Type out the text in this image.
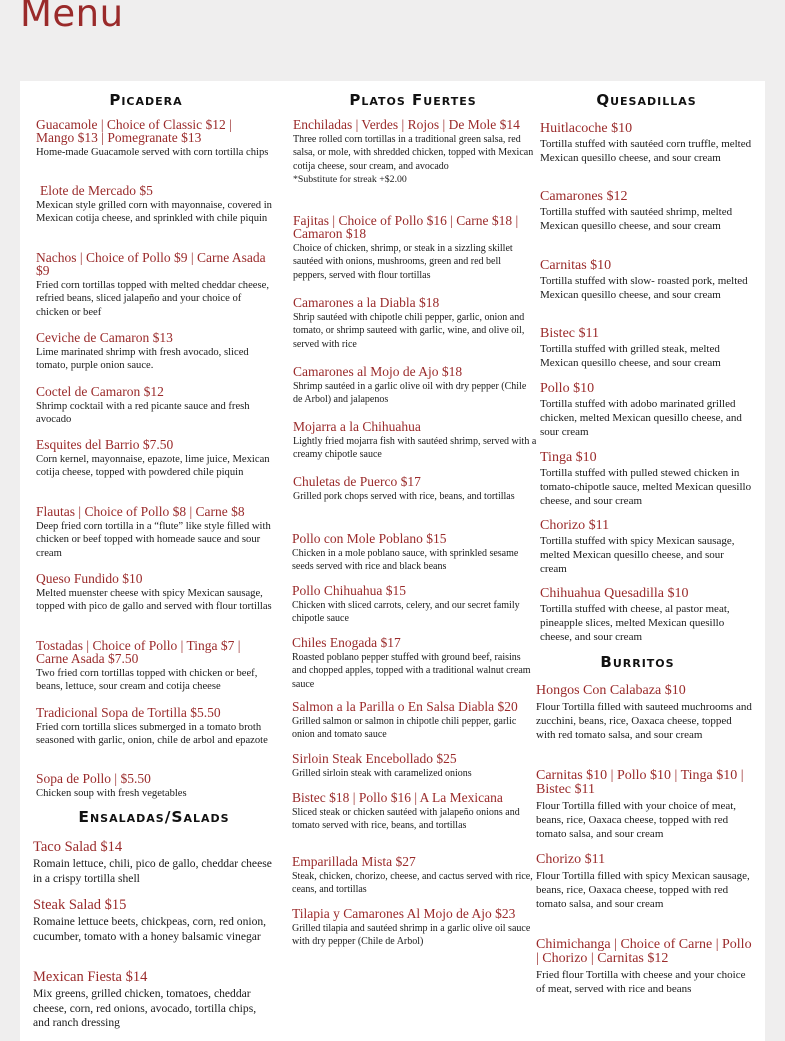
Menu
Picadera

Guacamole | Choice of Classic $12 | Mango $13 | Pomegranate $13

Home-made Guacamole served with corn tortilla chips

Elote de Mercado $5

Mexican style grilled corn with mayonnaise, covered in Mexican cotija cheese, and sprinkled with chile piquin

Nachos | Choice of Pollo $9 | Carne Asada $9

Fried corn tortillas topped with melted cheddar cheese, refried beans, sliced jalapeño and your choice of chicken or beef

Ceviche de Camaron $13

Lime marinated shrimp with fresh avocado, sliced tomato, purple onion sauce.

Coctel de Camaron $12

Shrimp cocktail with a red picante sauce and fresh avocado

Esquites del Barrio $7.50

Corn kernel, mayonnaise, epazote, lime juice, Mexican cotija cheese, topped with powdered chile piquin

Flautas | Choice of Pollo $8 | Carne $8

Deep fried corn tortilla in a “flute” like style filled with chicken or beef topped with homeade sauce and sour cream

Queso Fundido $10

Melted muenster cheese with spicy Mexican sausage, topped with pico de gallo and served with flour tortillas

Tostadas | Choice of Pollo | Tinga $7 | Carne Asada $7.50

Two fried corn tortillas topped with chicken or beef, beans, lettuce, sour cream and cotija cheese

Tradicional Sopa de Tortilla $5.50

Fried corn tortilla slices submerged in a tomato broth seasoned with garlic, onion, chile de arbol and epazote

Sopa de Pollo | $5.50

Chicken soup with fresh vegetables

Ensaladas/Salads

Taco Salad $14

Romain lettuce, chili, pico de gallo, cheddar cheese in a crispy tortilla shell

Steak Salad $15

Romaine lettuce beets, chickpeas, corn, red onion, cucumber, tomato with a honey balsamic vinegar

Mexican Fiesta $14

Mix greens, grilled chicken, tomatoes, cheddar cheese, corn, red onions, avocado, tortilla chips, and ranch dressing

Platos Fuertes

Enchiladas | Verdes | Rojos | De Mole $14

Three rolled corn tortillas in a traditional green salsa, red salsa, or mole, with shredded chicken, topped with Mexican cotija cheese, sour cream, and avocado

*Substitute for streak +$2.00

Fajitas | Choice of Pollo $16 | Carne $18 | Camaron $18

Choice of chicken, shrimp, or steak in a sizzling skillet sautéed with onions, mushrooms, green and red bell peppers, served with flour tortillas

Camarones a la Diabla $18

Shrip sautéed with chipotle chili pepper, garlic, onion and tomato, or shrimp sauteed with garlic, wine, and olive oil, served with rice

Camarones al Mojo de Ajo $18

Shrimp sautéed in a garlic olive oil with dry pepper (Chile de Arbol) and jalapenos

Mojarra a la Chihuahua

Lightly fried mojarra fish with sautéed shrimp, served with a creamy chipotle sauce

Chuletas de Puerco $17

Grilled pork chops served with rice, beans, and tortillas

Pollo con Mole Poblano $15

Chicken in a mole poblano sauce, with sprinkled sesame seeds served with rice and black beans

Pollo Chihuahua $15

Chicken with sliced carrots, celery, and our secret family chipotle sauce

Chiles Enogada $17

Roasted poblano pepper stuffed with ground beef, raisins and chopped apples, topped with a traditional walnut cream sauce

Salmon a la Parilla o En Salsa Diabla $20

Grilled salmon or salmon in chipotle chili pepper, garlic onion and tomato sauce

Sirloin Steak Encebollado $25

Grilled sirloin steak with caramelized onions

Bistec $18 | Pollo $16 | A La Mexicana

Sliced steak or chicken sautéed with jalapeño onions and tomato served with rice, beans, and tortillas

Emparillada Mista $27

Steak, chicken, chorizo, cheese, and cactus served with rice, ceans, and tortillas

Tilapia y Camarones Al Mojo de Ajo $23

Grilled tilapia and sautéed shrimp in a garlic olive oil sauce with dry pepper (Chile de Arbol)

Quesadillas

Huitlacoche $10

Tortilla stuffed with sautéed corn truffle, melted Mexican quesillo cheese, and sour cream

Camarones $12

Tortilla stuffed with sautéed shrimp, melted Mexican quesillo cheese, and sour cream

Carnitas $10

Tortilla stuffed with slow- roasted pork, melted Mexican quesillo cheese, and sour cream

Bistec $11

Tortilla stuffed with grilled steak, melted Mexican quesillo cheese, and sour cream

Pollo $10

Tortilla stuffed with adobo marinated grilled chicken, melted Mexican quesillo cheese, and sour cream

Tinga $10

Tortilla stuffed with pulled stewed chicken in tomato-chipotle sauce, melted Mexican quesillo cheese, and sour cream

Chorizo $11

Tortilla stuffed with spicy Mexican sausage, melted Mexican quesillo cheese, and sour cream

Chihuahua Quesadilla $10

Tortilla stuffed with cheese, al pastor meat, pineapple slices, melted Mexican quesillo cheese, and sour cream

Burritos

Hongos Con Calabaza $10

Flour Tortilla filled with sauteed muchrooms and zucchini, beans, rice, Oaxaca cheese, topped with red tomato salsa, and sour cream

Carnitas $10 | Pollo $10 | Tinga $10 | Bistec $11

Flour Tortilla filled with your choice of meat, beans, rice, Oaxaca cheese, topped with red tomato salsa, and sour cream

Chorizo $11

Flour Tortilla filled with spicy Mexican sausage, beans, rice, Oaxaca cheese, topped with red tomato salsa, and sour cream

Chimichanga | Choice of Carne | Pollo | Chorizo | Carnitas $12

Fried flour Tortilla with cheese and your choice of meat, served with rice and beans
